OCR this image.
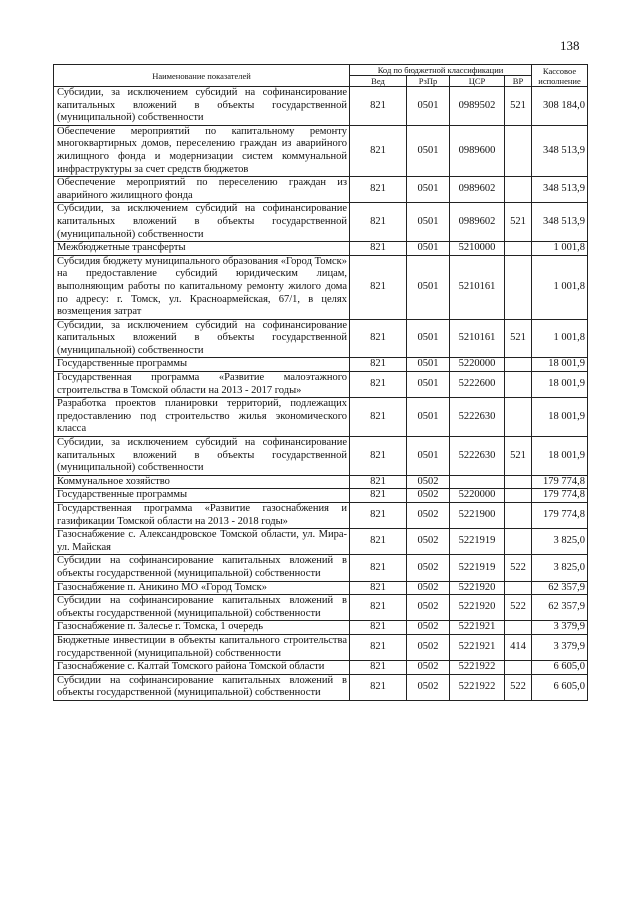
138
Наименование показателей	Код по бюджетной классификации				Кассовое исполнение
	Вед	РзПр	ЦСР	ВР	
Субсидии, за исключением субсидий на софинансирование капитальных вложений в объекты государственной (муниципальной) собственности	821	0501	0989502	521	308 184,0
Обеспечение мероприятий по капитальному ремонту многоквартирных домов, переселению граждан из аварийного жилищного фонда и модернизации систем коммунальной инфраструктуры за счет средств бюджетов	821	0501	0989600		348 513,9
Обеспечение мероприятий по переселению граждан из аварийного жилищного фонда	821	0501	0989602		348 513,9
Субсидии, за исключением субсидий на софинансирование капитальных вложений в объекты государственной (муниципальной) собственности	821	0501	0989602	521	348 513,9
Межбюджетные трансферты	821	0501	5210000		1 001,8
Субсидия бюджету муниципального образования «Город Томск» на предоставление субсидий юридическим лицам, выполняющим работы по капитальному ремонту жилого дома по адресу: г. Томск, ул. Красноармейская, 67/1, в целях возмещения затрат	821	0501	5210161		1 001,8
Субсидии, за исключением субсидий на софинансирование капитальных вложений в объекты государственной (муниципальной) собственности	821	0501	5210161	521	1 001,8
Государственные программы	821	0501	5220000		18 001,9
Государственная программа «Развитие малоэтажного строительства в Томской области на 2013 - 2017 годы»	821	0501	5222600		18 001,9
Разработка проектов планировки территорий, подлежащих предоставлению под строительство жилья экономического класса	821	0501	5222630		18 001,9
Субсидии, за исключением субсидий на софинансирование капитальных вложений в объекты государственной (муниципальной) собственности	821	0501	5222630	521	18 001,9
Коммунальное хозяйство	821	0502			179 774,8
Государственные программы	821	0502	5220000		179 774,8
Государственная программа «Развитие газоснабжения и газификации Томской области на 2013 - 2018 годы»	821	0502	5221900		179 774,8
Газоснабжение с. Александровское Томской области, ул. Мира-ул. Майская	821	0502	5221919		3 825,0
Субсидии на софинансирование капитальных вложений в объекты государственной (муниципальной) собственности	821	0502	5221919	522	3 825,0
Газоснабжение п. Аникино МО «Город Томск»	821	0502	5221920		62 357,9
Субсидии на софинансирование капитальных вложений в объекты государственной (муниципальной) собственности	821	0502	5221920	522	62 357,9
Газоснабжение п. Залесье г. Томска, 1 очередь	821	0502	5221921		3 379,9
Бюджетные инвестиции в объекты капитального строительства государственной (муниципальной) собственности	821	0502	5221921	414	3 379,9
Газоснабжение с. Калтай Томского района Томской области	821	0502	5221922		6 605,0
Субсидии на софинансирование капитальных вложений в объекты государственной (муниципальной) собственности	821	0502	5221922	522	6 605,0
